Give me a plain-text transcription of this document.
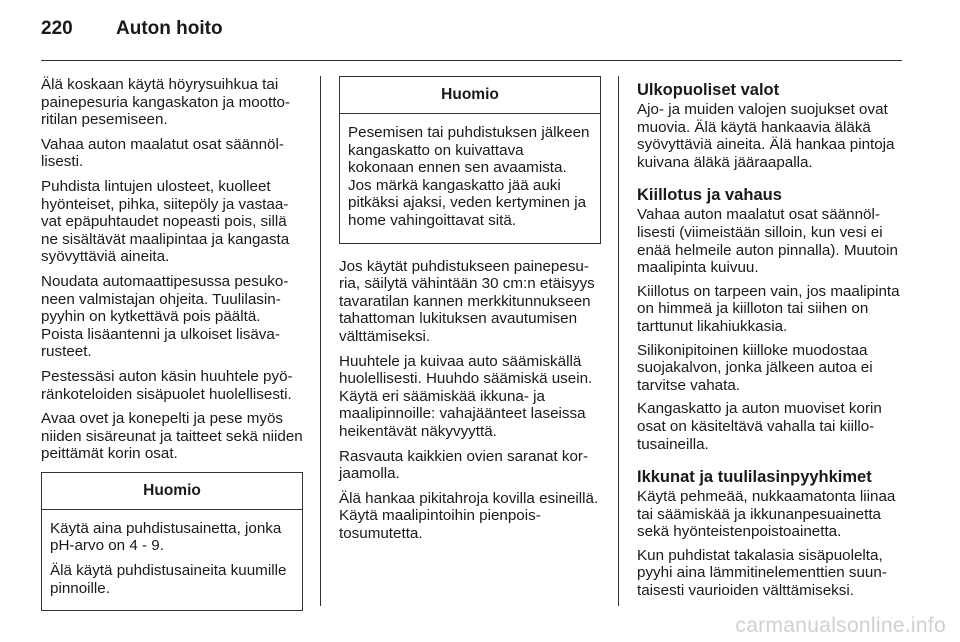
220	Auton hoito

Älä koskaan käytä höyrysuihkua tai painepesuria kangaskaton ja moottoritilan pesemiseen.

Vahaa auton maalatut osat säännöllisesti.

Puhdista lintujen ulosteet, kuolleet hyönteiset, pihka, siitepöly ja vastaavat epäpuhtaudet nopeasti pois, sillä ne sisältävät maalipintaa ja kangasta syövyttäviä aineita.

Noudata automaattipesussa pesukoneen valmistajan ohjeita. Tuulilasinpyyhin on kytkettävä pois päältä. Poista lisäantenni ja ulkoiset lisävarusteet.

Pestessäsi auton käsin huuhtele pyöränkoteloiden sisäpuolet huolellisesti.

Avaa ovet ja konepelti ja pese myös niiden sisäreunat ja taitteet sekä niiden peittämät korin osat.

Huomio

Käytä aina puhdistusainetta, jonka pH-arvo on 4 - 9.

Älä käytä puhdistusaineita kuumille pinnoille.

Huomio

Pesemisen tai puhdistuksen jälkeen kangaskatto on kuivattava kokonaan ennen sen avaamista. Jos märkä kangaskatto jää auki pitkäksi ajaksi, veden kertyminen ja home vahingoittavat sitä.

Jos käytät puhdistukseen painepesuria, säilytä vähintään 30 cm:n etäisyys tavaratilan kannen merkkitunnukseen tahattoman lukituksen avautumisen välttämiseksi.

Huuhtele ja kuivaa auto säämiskällä huolellisesti. Huuhdo säämiskä usein. Käytä eri säämiskää ikkuna- ja maalipinnoille: vahajäänteet laseissa heikentävät näkyvyyttä.

Rasvauta kaikkien ovien saranat korjaamolla.

Älä hankaa pikitahroja kovilla esineillä. Käytä maalipintoihin pienpoistosumutetta.

Ulkopuoliset valot

Ajo- ja muiden valojen suojukset ovat muovia. Älä käytä hankaavia äläkä syövyttäviä aineita. Älä hankaa pintoja kuivana äläkä jääraapalla.

Kiillotus ja vahaus

Vahaa auton maalatut osat säännöllisesti (viimeistään silloin, kun vesi ei enää helmeile auton pinnalla). Muutoin maalipinta kuivuu.

Kiillotus on tarpeen vain, jos maalipinta on himmeä ja kiilloton tai siihen on tarttunut likahiukkasia.

Silikonipitoinen kiilloke muodostaa suojakalvon, jonka jälkeen autoa ei tarvitse vahata.

Kangaskatto ja auton muoviset korin osat on käsiteltävä vahalla tai kiillotusaineilla.

Ikkunat ja tuulilasinpyyhkimet

Käytä pehmeää, nukkaamatonta liinaa tai säämiskää ja ikkunanpesuainetta sekä hyönteistenpoistoainetta.

Kun puhdistat takalasia sisäpuolelta, pyyhi aina lämmitinelementtien suuntaisesti vaurioiden välttämiseksi.

carmanualsonline.info
